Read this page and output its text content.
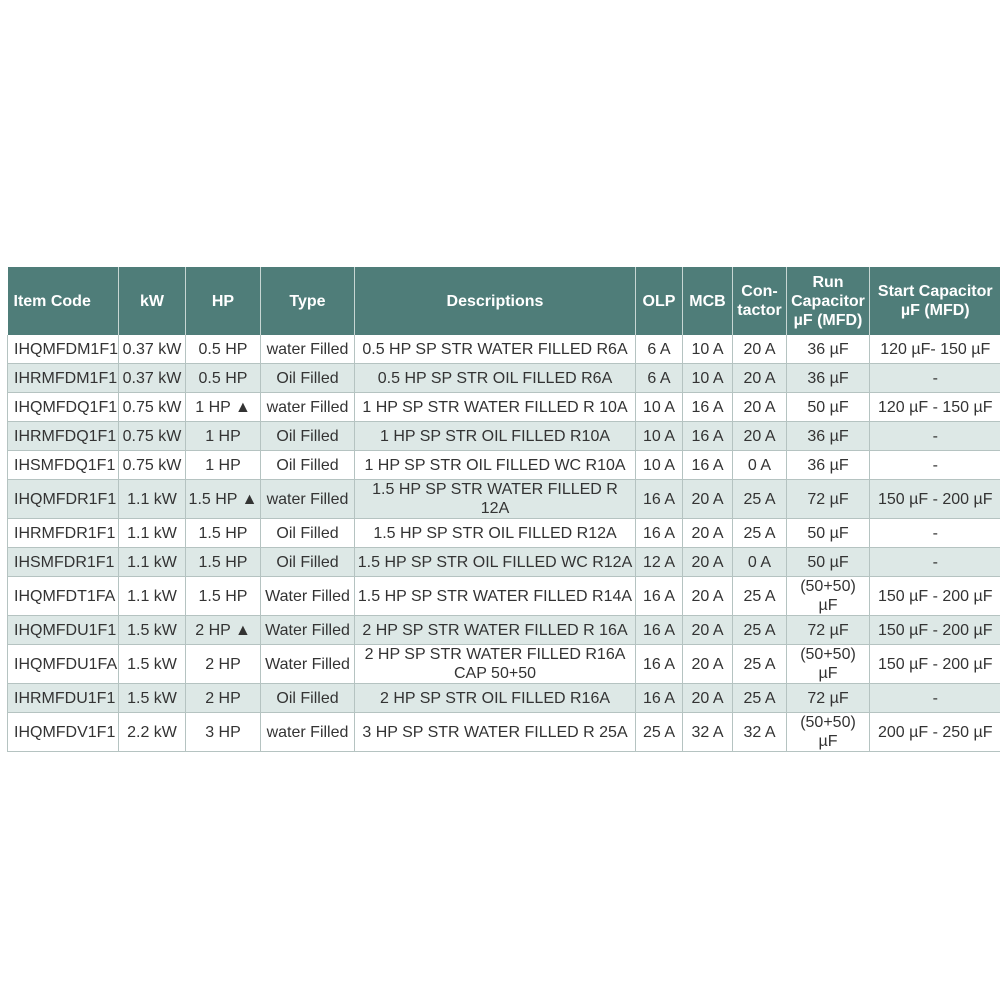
Item Code	kW	HP	Type	Descriptions	OLP	MCB	Con-
tactor	Run
Capacitor
µF (MFD)	Start Capacitor
µF (MFD)
IHQMFDM1F1	0.37 kW	0.5 HP	water Filled	0.5 HP SP STR WATER FILLED R6A	6 A	10 A	20 A	36 µF	120 µF- 150 µF
IHRMFDM1F1	0.37 kW	0.5 HP	Oil Filled	0.5 HP SP STR OIL FILLED R6A	6 A	10 A	20 A	36 µF	-
IHQMFDQ1F1	0.75 kW	1 HP ▲	water Filled	1 HP SP STR WATER FILLED R 10A	10 A	16 A	20 A	50 µF	120 µF - 150 µF
IHRMFDQ1F1	0.75 kW	1 HP	Oil Filled	1 HP SP STR OIL FILLED R10A	10 A	16 A	20 A	36 µF	-
IHSMFDQ1F1	0.75 kW	1 HP	Oil Filled	1 HP SP STR OIL FILLED WC R10A	10 A	16 A	0 A	36 µF	-
IHQMFDR1F1	1.1 kW	1.5 HP ▲	water Filled	1.5 HP SP STR WATER FILLED R 12A	16 A	20 A	25 A	72 µF	150 µF - 200 µF
IHRMFDR1F1	1.1 kW	1.5 HP	Oil Filled	1.5 HP SP STR OIL FILLED R12A	16 A	20 A	25 A	50 µF	-
IHSMFDR1F1	1.1 kW	1.5 HP	Oil Filled	1.5 HP SP STR OIL FILLED WC R12A	12 A	20 A	0 A	50 µF	-
IHQMFDT1FA	1.1 kW	1.5 HP	Water Filled	1.5 HP SP STR WATER FILLED R14A	16 A	20 A	25 A	(50+50) µF	150 µF - 200 µF
IHQMFDU1F1	1.5 kW	2 HP ▲	Water Filled	2 HP SP STR WATER FILLED R 16A	16 A	20 A	25 A	72 µF	150 µF - 200 µF
IHQMFDU1FA	1.5 kW	2 HP	Water Filled	2 HP SP STR WATER FILLED R16A
CAP 50+50	16 A	20 A	25 A	(50+50) µF	150 µF - 200 µF
IHRMFDU1F1	1.5 kW	2 HP	Oil Filled	2 HP SP STR OIL FILLED R16A	16 A	20 A	25 A	72 µF	-
IHQMFDV1F1	2.2 kW	3 HP	water Filled	3 HP SP STR WATER FILLED R 25A	25 A	32 A	32 A	(50+50) µF	200 µF - 250 µF
